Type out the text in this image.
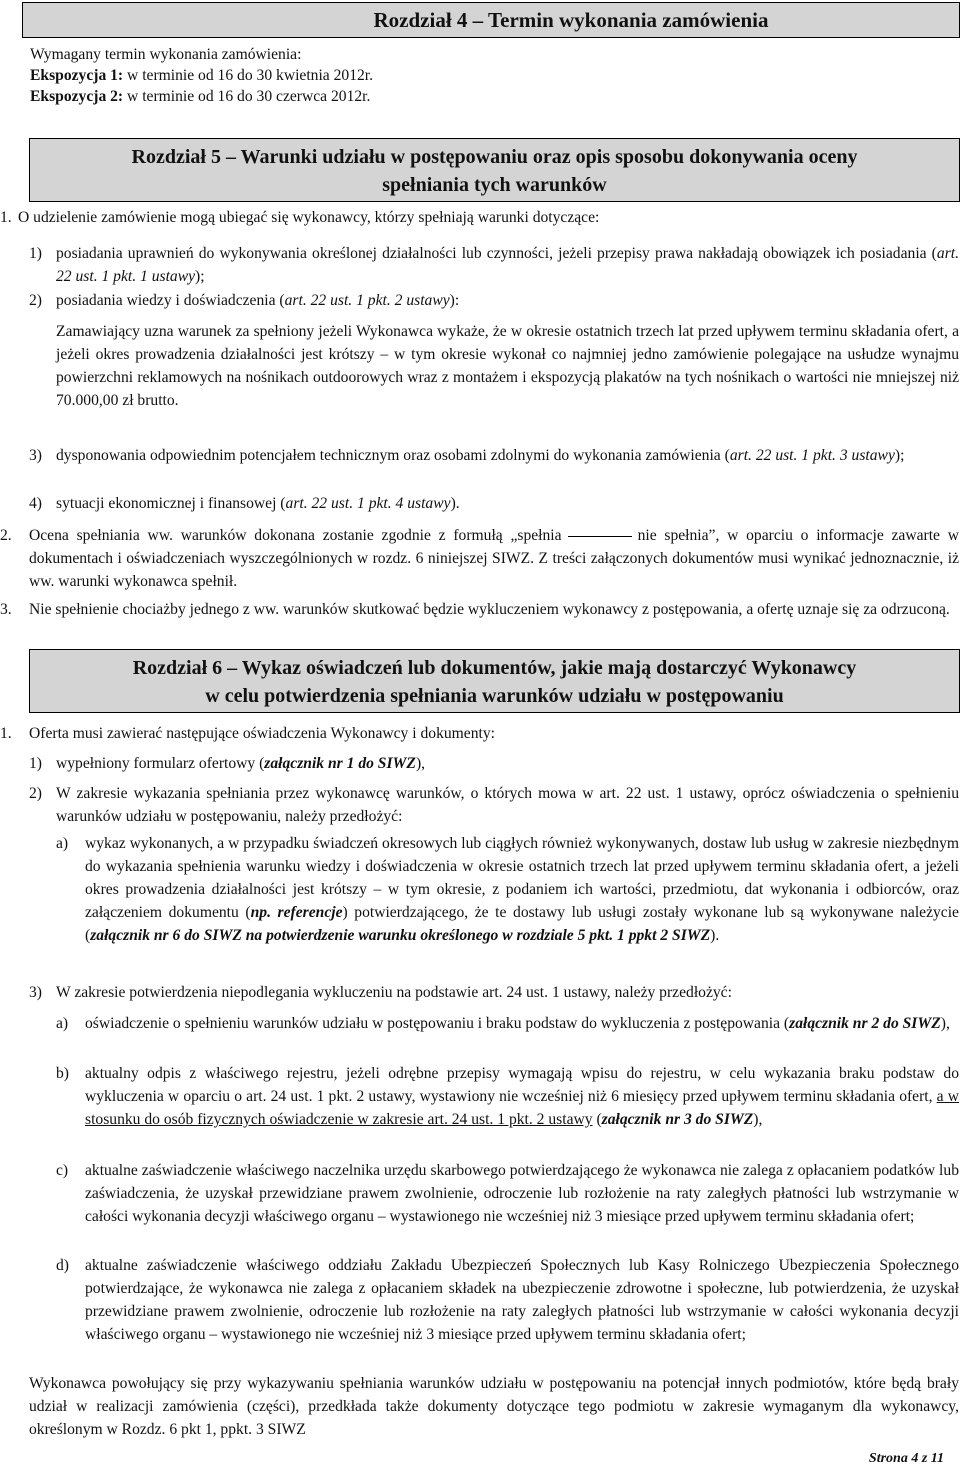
Rozdział 4 – Termin wykonania zamówienia
Wymagany termin wykonania zamówienia:
Ekspozycja 1: w terminie od 16 do 30 kwietnia 2012r.
Ekspozycja 2: w terminie od 16 do 30 czerwca 2012r.
Rozdział 5 – Warunki udziału w postępowaniu oraz opis sposobu dokonywania oceny
spełniania tych warunków
1. O udzielenie zamówienie mogą ubiegać się wykonawcy, którzy spełniają warunki dotyczące:
1) posiadania uprawnień do wykonywania określonej działalności lub czynności, jeżeli przepisy prawa nakładają obowiązek ich posiadania (art. 22 ust. 1 pkt. 1 ustawy);
2) posiadania wiedzy i doświadczenia (art. 22 ust. 1 pkt. 2 ustawy):
Zamawiający uzna warunek za spełniony jeżeli Wykonawca wykaże, że w okresie ostatnich trzech lat przed upływem terminu składania ofert, a jeżeli okres prowadzenia działalności jest krótszy – w tym okresie wykonał co najmniej jedno zamówienie polegające na usłudze wynajmu powierzchni reklamowych na nośnikach outdoorowych wraz z montażem i ekspozycją plakatów na tych nośnikach o wartości nie mniejszej niż 70.000,00 zł brutto.
3) dysponowania odpowiednim potencjałem technicznym oraz osobami zdolnymi do wykonania zamówienia (art. 22 ust. 1 pkt. 3 ustawy);
4) sytuacji ekonomicznej i finansowej (art. 22 ust. 1 pkt. 4 ustawy).
2. Ocena spełniania ww. warunków dokonana zostanie zgodnie z formułą „spełnia	nie spełnia”, w oparciu o informacje zawarte w dokumentach i oświadczeniach wyszczególnionych w rozdz. 6 niniejszej SIWZ. Z treści załączonych dokumentów musi wynikać jednoznacznie, iż ww. warunki wykonawca spełnił.
3. Nie spełnienie chociażby jednego z ww. warunków skutkować będzie wykluczeniem wykonawcy z postępowania, a ofertę uznaje się za odrzuconą.
Rozdział 6 – Wykaz oświadczeń lub dokumentów, jakie mają dostarczyć Wykonawcy
w celu potwierdzenia spełniania warunków udziału w postępowaniu
1. Oferta musi zawierać następujące oświadczenia Wykonawcy i dokumenty:
1) wypełniony formularz ofertowy (załącznik nr 1 do SIWZ),
2) W zakresie wykazania spełniania przez wykonawcę warunków, o których mowa w art. 22 ust. 1 ustawy, oprócz oświadczenia o spełnieniu warunków udziału w postępowaniu, należy przedłożyć:
a) wykaz wykonanych, a w przypadku świadczeń okresowych lub ciągłych również wykonywanych, dostaw lub usług w zakresie niezbędnym do wykazania spełnienia warunku wiedzy i doświadczenia w okresie ostatnich trzech lat przed upływem terminu składania ofert, a jeżeli okres prowadzenia działalności jest krótszy – w tym okresie, z podaniem ich wartości, przedmiotu, dat wykonania i odbiorców, oraz załączeniem dokumentu (np. referencje) potwierdzającego, że te dostawy lub usługi zostały wykonane lub są wykonywane należycie (załącznik nr 6 do SIWZ na potwierdzenie warunku określonego w rozdziale 5 pkt. 1 ppkt 2 SIWZ).
3) W zakresie potwierdzenia niepodlegania wykluczeniu na podstawie art. 24 ust. 1 ustawy, należy przedłożyć:
a) oświadczenie o spełnieniu warunków udziału w postępowaniu i braku podstaw do wykluczenia z postępowania (załącznik nr 2 do SIWZ),
b) aktualny odpis z właściwego rejestru, jeżeli odrębne przepisy wymagają wpisu do rejestru, w celu wykazania braku podstaw do wykluczenia w oparciu o art. 24 ust. 1 pkt. 2 ustawy, wystawiony nie wcześniej niż 6 miesięcy przed upływem terminu składania ofert, a w stosunku do osób fizycznych oświadczenie w zakresie art. 24 ust. 1 pkt. 2 ustawy (załącznik nr 3 do SIWZ),
c) aktualne zaświadczenie właściwego naczelnika urzędu skarbowego potwierdzającego że wykonawca nie zalega z opłacaniem podatków lub zaświadczenia, że uzyskał przewidziane prawem zwolnienie, odroczenie lub rozłożenie na raty zaległych płatności lub wstrzymanie w całości wykonania decyzji właściwego organu – wystawionego nie wcześniej niż 3 miesiące przed upływem terminu składania ofert;
d) aktualne zaświadczenie właściwego oddziału Zakładu Ubezpieczeń Społecznych lub Kasy Rolniczego Ubezpieczenia Społecznego potwierdzające, że wykonawca nie zalega z opłacaniem składek na ubezpieczenie zdrowotne i społeczne, lub potwierdzenia, że uzyskał przewidziane prawem zwolnienie, odroczenie lub rozłożenie na raty zaległych płatności lub wstrzymanie w całości wykonania decyzji właściwego organu – wystawionego nie wcześniej niż 3 miesiące przed upływem terminu składania ofert;
Wykonawca powołujący się przy wykazywaniu spełniania warunków udziału w postępowaniu na potencjał innych podmiotów, które będą brały udział w realizacji zamówienia (części), przedkłada także dokumenty dotyczące tego podmiotu w zakresie wymaganym dla wykonawcy, określonym w Rozdz. 6 pkt 1, ppkt. 3 SIWZ
Strona 4 z 11
